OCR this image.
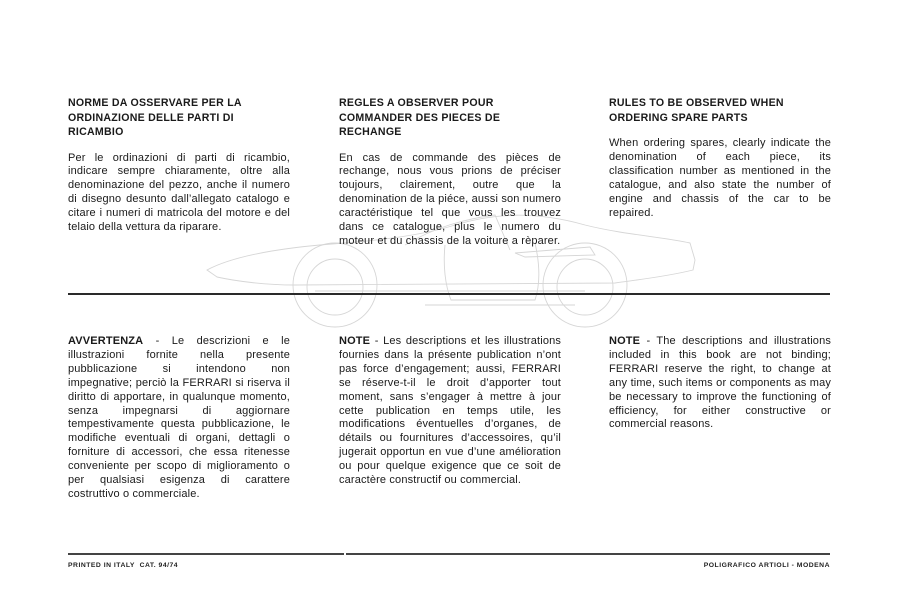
NORME DA OSSERVARE PER LA ORDINAZIONE DELLE PARTI DI RICAMBIO

Per le ordinazioni di parti di ricambio, indicare sempre chiaramente, oltre alla denominazione del pezzo, anche il numero di disegno desunto dall’allegato catalogo e citare i numeri di matricola del motore e del telaio della vettura da riparare.

REGLES A OBSERVER POUR COMMANDER DES PIECES DE RECHANGE

En cas de commande des pièces de rechange, nous vous prions de préciser toujours, clairement, outre que la denomination de la piéce, aussi son numero caractéristique tel que vous les trouvez dans ce catalogue, plus le numero du moteur et du chassis de la voiture a rèparer.

RULES TO BE OBSERVED WHEN ORDERING SPARE PARTS

When ordering spares, clearly indicate the denomination of each piece, its classification number as mentioned in the catalogue, and also state the number of engine and chassis of the car to be repaired.

AVVERTENZA - Le descrizioni e le illustrazioni fornite nella presente pubblicazione si intendono non impegnative; perciò la FERRARI si riserva il diritto di apportare, in qualunque momento, senza impegnarsi di aggiornare tempestivamente questa pubblicazione, le modifiche eventuali di organi, dettagli o forniture di accessori, che essa ritenesse conveniente per scopo di miglioramento o per qualsiasi esigenza di carattere costruttivo o commerciale.

NOTE - Les descriptions et les illustrations fournies dans la présente publication n’ont pas force d’engagement; aussi, FERRARI se réserve-t-il le droit d’apporter tout moment, sans s’engager à mettre à jour cette publication en temps utile, les modifications éventuelles d’organes, de détails ou fournitures d’accessoires, qu’il jugerait opportun en vue d’une amélioration ou pour quelque exigence que ce soit de caractère constructif ou commercial.

NOTE - The descriptions and illustrations included in this book are not binding; FERRARI reserve the right, to change at any time, such items or components as may be necessary to improve the functioning of efficiency, for either constructive or commercial reasons.

PRINTED IN ITALY  CAT. 94/74	POLIGRAFICO ARTIOLI - MODENA
